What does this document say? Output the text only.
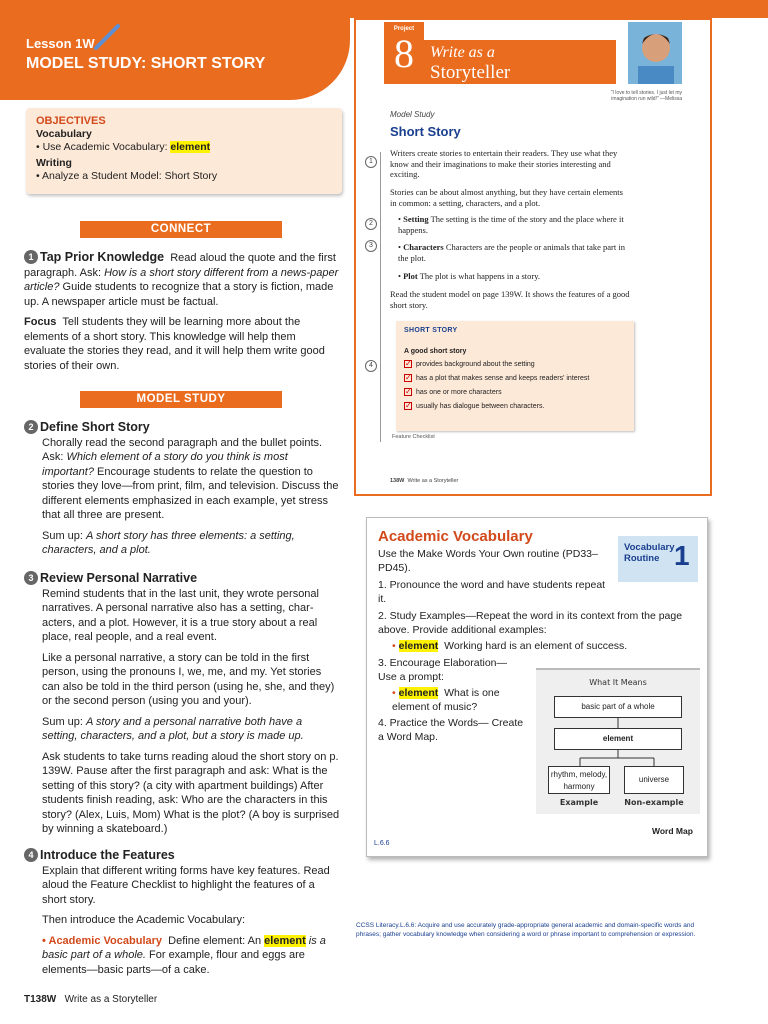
Lesson 1W
MODEL STUDY: SHORT STORY
OBJECTIVES
Vocabulary
• Use Academic Vocabulary: element
Writing
• Analyze a Student Model: Short Story
CONNECT

1 Tap Prior Knowledge Read aloud the quote and the first paragraph. Ask: How is a short story different from a news-paper article? Guide students to recognize that a story is fiction, made up. A newspaper article must be factual.

Focus Tell students they will be learning more about the elements of a short story. This knowledge will help them evaluate the stories they read, and it will help them write good stories of their own.

MODEL STUDY
2 Define Short Story

Chorally read the second paragraph and the bullet points. Ask: Which element of a story do you think is most important? Encourage students to relate the question to stories they love—from print, film, and television. Discuss the different elements emphasized in each example, yet stress that all three are present.

Sum up: A short story has three elements: a setting, characters, and a plot.

3 Review Personal Narrative

Remind students that in the last unit, they wrote personal narratives. A personal narrative also has a setting, char-acters, and a plot. However, it is a true story about a real place, real people, and a real event.

Like a personal narrative, a story can be told in the first person, using the pronouns I, we, me, and my. Yet stories can also be told in the third person (using he, she, and they) or the second person (using you and your).

Sum up: A story and a personal narrative both have a setting, characters, and a plot, but a story is made up.

Ask students to take turns reading aloud the short story on p. 139W. Pause after the first paragraph and ask: What is the setting of this story? (a city with apartment buildings) After students finish reading, ask: Who are the characters in this story? (Alex, Luis, Mom) What is the plot? (A boy is surprised by winning a skateboard.)

4 Introduce the Features

Explain that different writing forms have key features. Read aloud the Feature Checklist to highlight the features of a short story.

Then introduce the Academic Vocabulary:

• Academic Vocabulary Define element: An element is a basic part of a whole. For example, flour and eggs are elements—basic parts—of a cake.

T138W Write as a Storyteller
Project
8	Write as a
Storyteller
"I love to tell stories. I just let my imagination run wild!" —Melissa
Model Study
Short Story
1
2
3
4
Writers create stories to entertain their readers. They use what they know and their imaginations to make their stories interesting and exciting.
Stories can be about almost anything, but they have certain elements in common: a setting, characters, and a plot.
• Setting The setting is the time of the story and the place where it happens.
• Characters Characters are the people or animals that take part in the plot.
• Plot The plot is what happens in a story.
Read the student model on page 139W. It shows the features of a good short story.
SHORT STORY
A good short story
✓ provides background about the setting
✓ has a plot that makes sense and keeps readers' interest
✓ has one or more characters
✓ usually has dialogue between characters.
Feature Checklist
138W Write as a Storyteller
Academic Vocabulary
Vocabulary
Routine 1
Use the Make Words Your Own routine (PD33–PD45).
1. Pronounce the word and have students repeat it.
2. Study Examples—Repeat the word in its context from the page above. Provide additional examples:
• element Working hard is an element of success.
3. Encourage Elaboration— Use a prompt:
• element What is one element of music?
4. Practice the Words— Create a Word Map.
What It Means
basic part of a whole
element
rhythm, melody, harmony
universe
Example	Non-example
Word Map
L.6.6
CCSS Literacy.L.6.6: Acquire and use accurately grade-appropriate general academic and domain-specific words and phrases; gather vocabulary knowledge when considering a word or phrase important to comprehension or expression.
